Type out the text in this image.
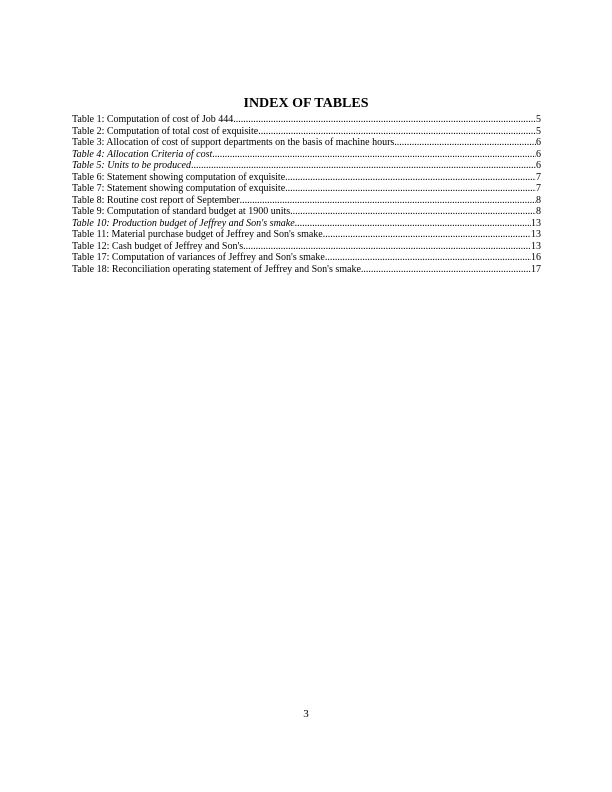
INDEX OF TABLES
Table 1: Computation of cost of Job 444 .....	5
Table 2: Computation of total cost of exquisite .....	5
Table 3: Allocation of cost of support departments on the basis of machine hours .....	6
Table 4: Allocation Criteria of cost .....	6
Table 5: Units to be produced .....	6
Table 6: Statement showing computation of exquisite .....	7
Table 7: Statement showing computation of exquisite .....	7
Table 8: Routine cost report of September .....	8
Table 9: Computation of standard budget at 1900 units .....	8
Table 10: Production budget of Jeffrey and Son's smake .....	13
Table 11: Material purchase budget of Jeffrey and Son's smake .....	13
Table 12: Cash budget of Jeffrey and Son's .....	13
Table 17: Computation of variances of Jeffrey and Son's smake .....	16
Table 18: Reconciliation operating statement of Jeffrey and Son's smake .....	17
3
